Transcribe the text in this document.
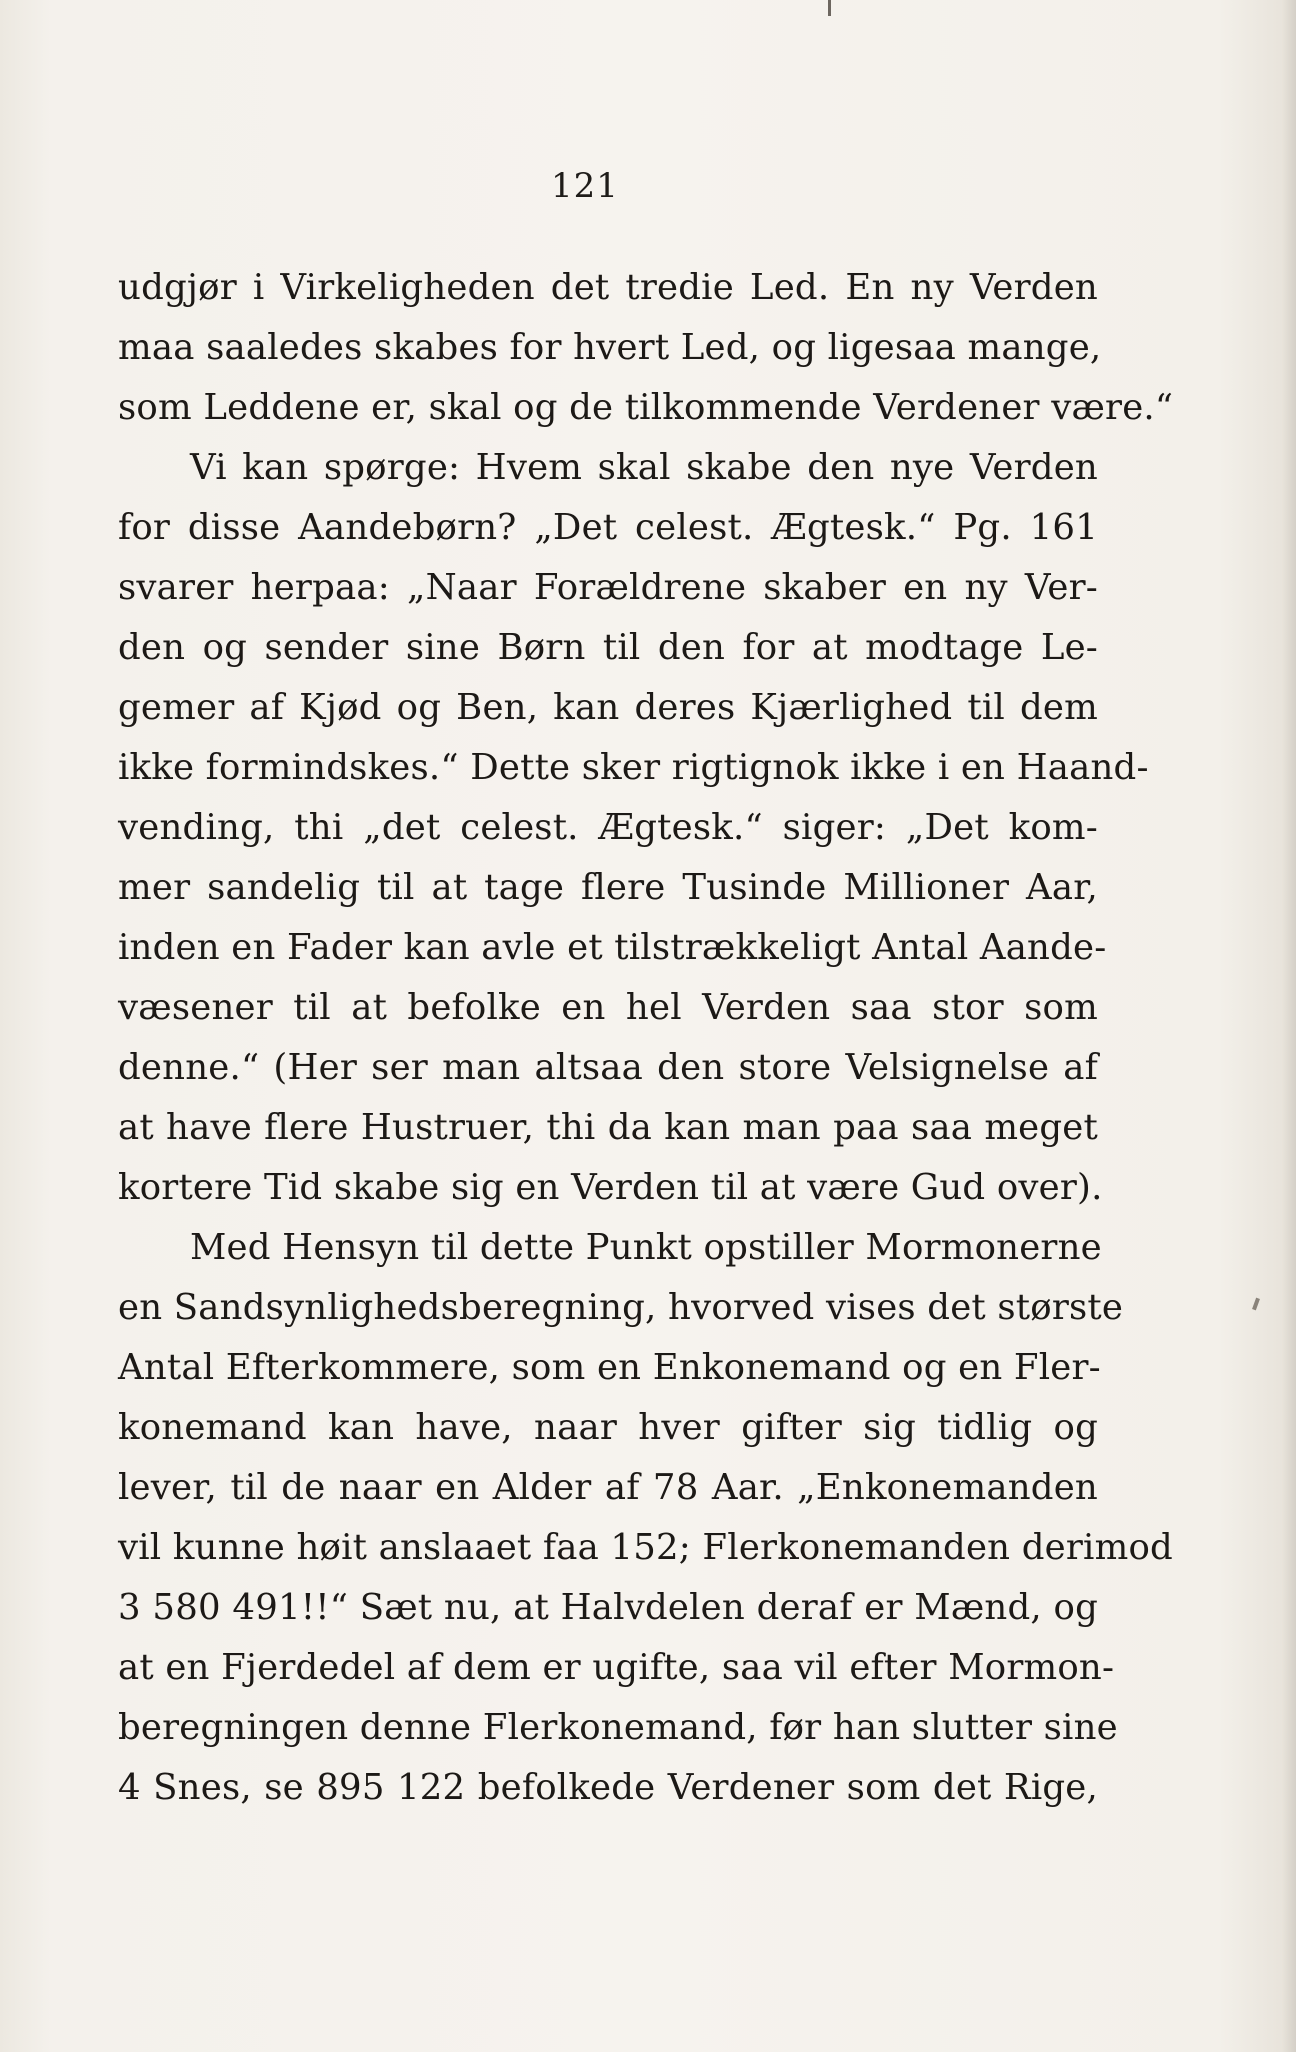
121
udgjør i Virkeligheden det tredie Led. En ny Verden
maa saaledes skabes for hvert Led, og ligesaa mange,
som Leddene er, skal og de tilkommende Verdener være.“
Vi kan spørge: Hvem skal skabe den nye Verden
for disse Aandebørn? „Det celest. Ægtesk.“ Pg. 161
svarer herpaa: „Naar Forældrene skaber en ny Ver-
den og sender sine Børn til den for at modtage Le-
gemer af Kjød og Ben, kan deres Kjærlighed til dem
ikke formindskes.“ Dette sker rigtignok ikke i en Haand-
vending, thi „det celest. Ægtesk.“ siger: „Det kom-
mer sandelig til at tage flere Tusinde Millioner Aar,
inden en Fader kan avle et tilstrækkeligt Antal Aande-
væsener til at befolke en hel Verden saa stor som
denne.“ (Her ser man altsaa den store Velsignelse af
at have flere Hustruer, thi da kan man paa saa meget
kortere Tid skabe sig en Verden til at være Gud over).
Med Hensyn til dette Punkt opstiller Mormonerne
en Sandsynlighedsberegning, hvorved vises det største
Antal Efterkommere, som en Enkonemand og en Fler-
konemand kan have, naar hver gifter sig tidlig og
lever, til de naar en Alder af 78 Aar. „Enkonemanden
vil kunne høit anslaaet faa 152; Flerkonemanden derimod
3 580 491!!“ Sæt nu, at Halvdelen deraf er Mænd, og
at en Fjerdedel af dem er ugifte, saa vil efter Mormon-
beregningen denne Flerkonemand, før han slutter sine
4 Snes, se 895 122 befolkede Verdener som det Rige,
